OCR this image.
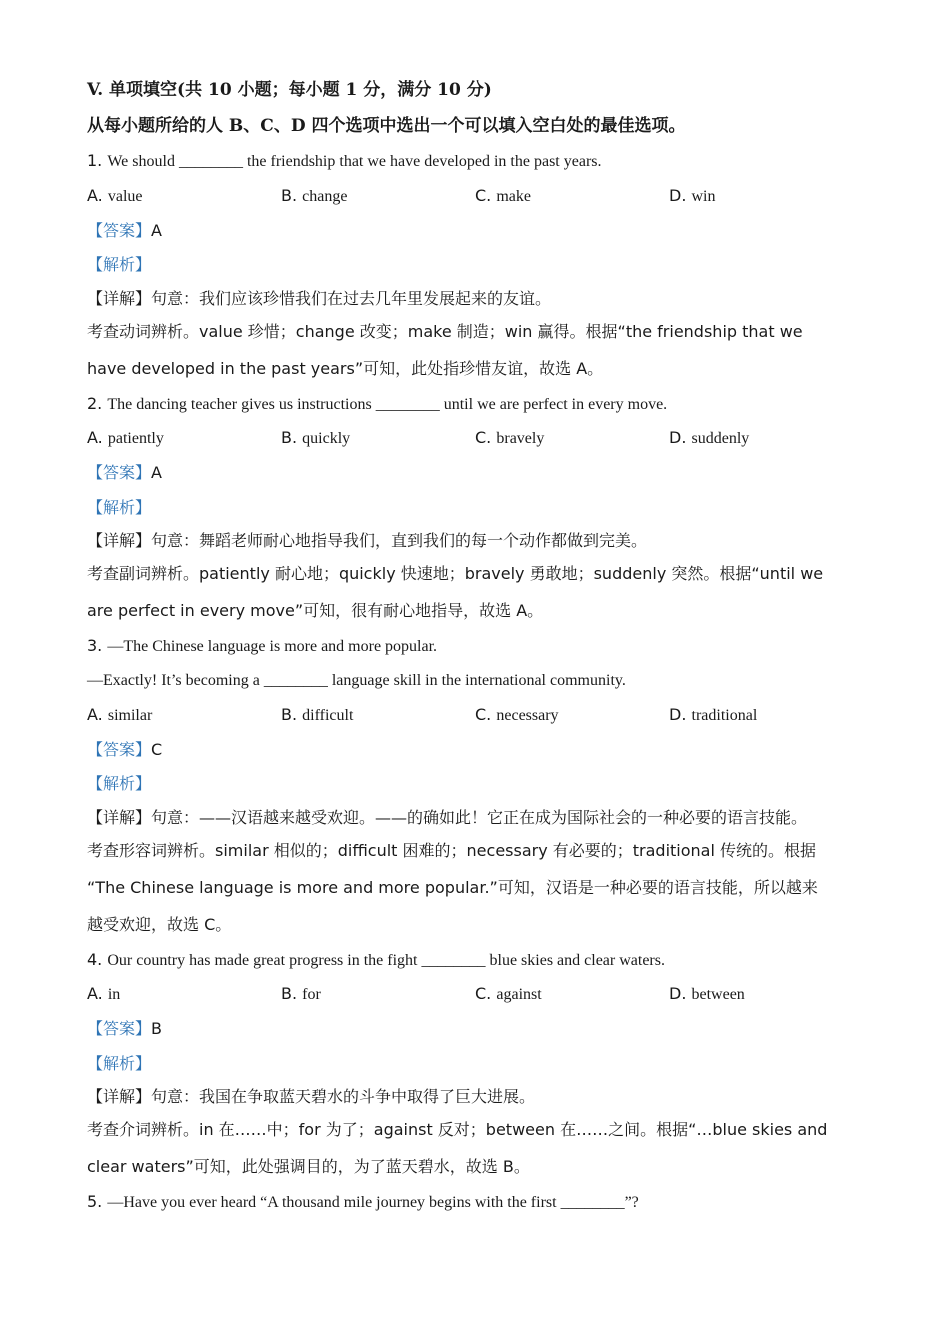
V. 单项填空(共 10 小题；每小题 1 分，满分 10 分)
从每小题所给的人 B、C、D 四个选项中选出一个可以填入空白处的最佳选项。
1. We should ________ the friendship that we have developed in the past years.
A. value	B. change	C. make	D. win
【答案】A
【解析】
【详解】句意：我们应该珍惜我们在过去几年里发展起来的友谊。
考查动词辨析。value 珍惜；change 改变；make 制造；win 赢得。根据“the friendship that we
have developed in the past years”可知，此处指珍惜友谊，故选 A。
2. The dancing teacher gives us instructions ________ until we are perfect in every move.
A. patiently	B. quickly	C. bravely	D. suddenly
【答案】A
【解析】
【详解】句意：舞蹈老师耐心地指导我们，直到我们的每一个动作都做到完美。
考查副词辨析。patiently 耐心地；quickly 快速地；bravely 勇敢地；suddenly 突然。根据“until we
are perfect in every move”可知，很有耐心地指导，故选 A。
3. —The Chinese language is more and more popular.
—Exactly! It’s becoming a ________ language skill in the international community.
A. similar	B. difficult	C. necessary	D. traditional
【答案】C
【解析】
【详解】句意：——汉语越来越受欢迎。——的确如此！它正在成为国际社会的一种必要的语言技能。
考查形容词辨析。similar 相似的；difficult 困难的；necessary 有必要的；traditional 传统的。根据
“The Chinese language is more and more popular.”可知，汉语是一种必要的语言技能，所以越来
越受欢迎，故选 C。
4. Our country has made great progress in the fight ________ blue skies and clear waters.
A. in	B. for	C. against	D. between
【答案】B
【解析】
【详解】句意：我国在争取蓝天碧水的斗争中取得了巨大进展。
考查介词辨析。in 在……中；for 为了；against 反对；between 在……之间。根据“…blue skies and
clear waters”可知，此处强调目的，为了蓝天碧水，故选 B。
5. —Have you ever heard “A thousand mile journey begins with the first ________”?
